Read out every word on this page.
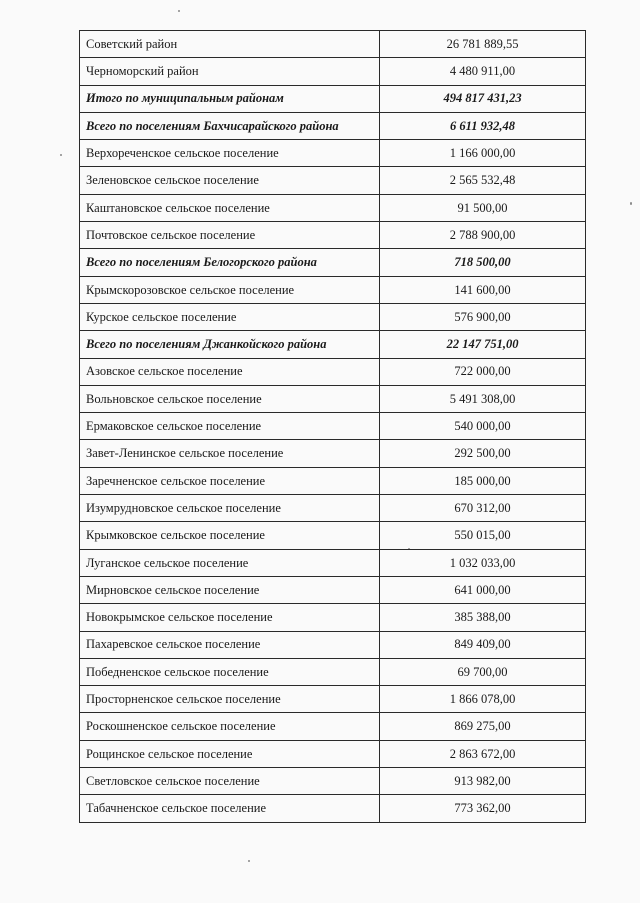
Советский район	26 781 889,55
Черноморский район	4 480 911,00
Итого по муниципальным районам	494 817 431,23
Всего по поселениям Бахчисарайского района	6 611 932,48
Верхореченское сельское поселение	1 166 000,00
Зеленовское сельское поселение	2 565 532,48
Каштановское сельское поселение	91 500,00
Почтовское сельское поселение	2 788 900,00
Всего по поселениям Белогорского района	718 500,00
Крымскорозовское сельское поселение	141 600,00
Курское сельское поселение	576 900,00
Всего по поселениям Джанкойского района	22 147 751,00
Азовское сельское поселение	722 000,00
Вольновское сельское поселение	5 491 308,00
Ермаковское сельское поселение	540 000,00
Завет-Ленинское сельское поселение	292 500,00
Заречненское сельское поселение	185 000,00
Изумрудновское сельское поселение	670 312,00
Крымковское сельское поселение	550 015,00
Луганское сельское поселение	1 032 033,00
Мирновское сельское поселение	641 000,00
Новокрымское сельское поселение	385 388,00
Пахаревское сельское поселение	849 409,00
Победненское сельское поселение	69 700,00
Просторненское сельское поселение	1 866 078,00
Роскошненское сельское поселение	869 275,00
Рощинское сельское поселение	2 863 672,00
Светловское сельское поселение	913 982,00
Табачненское сельское поселение	773 362,00
